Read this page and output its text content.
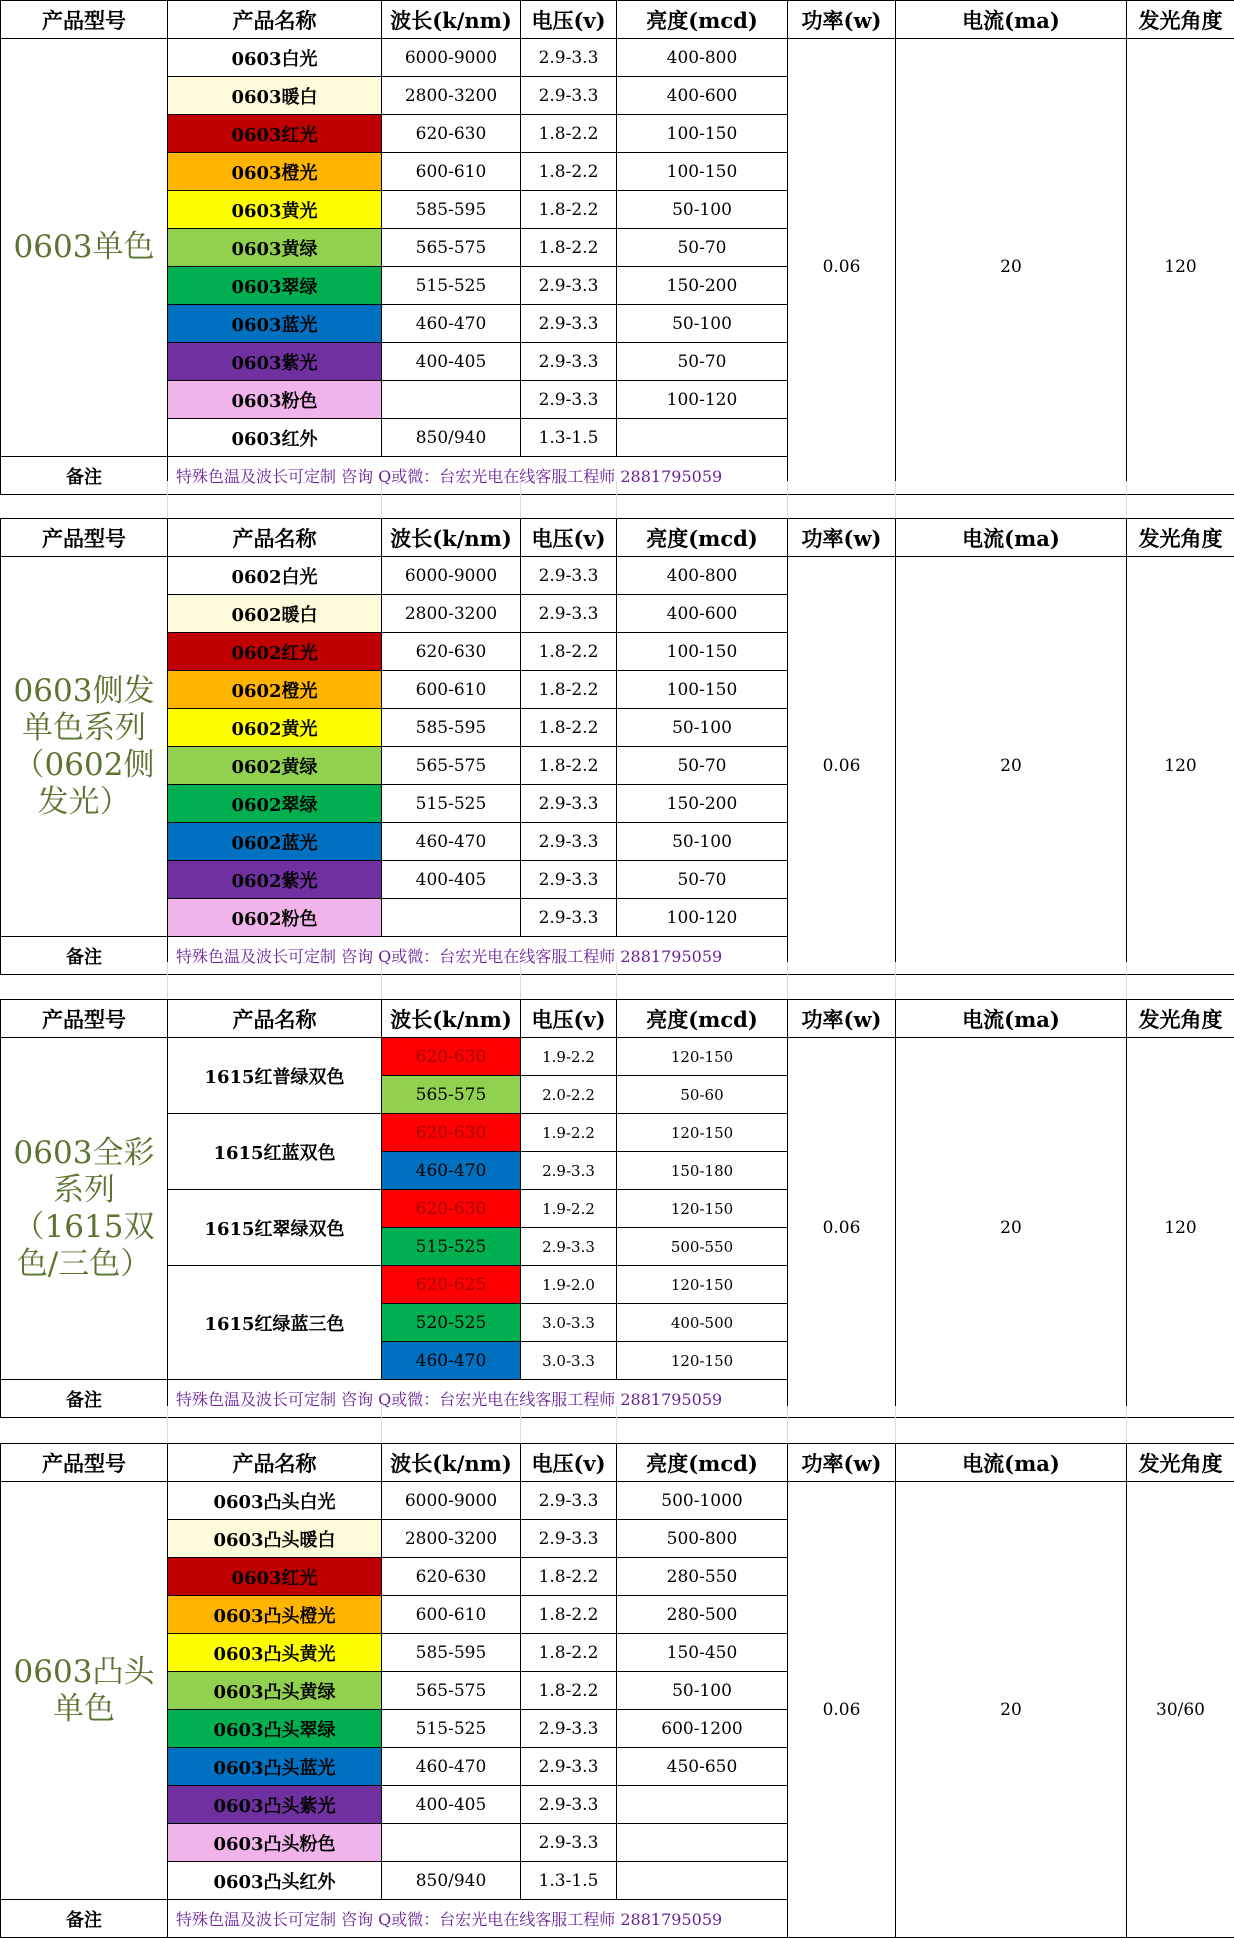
产品型号	产品名称	波长(k/nm)	电压(v)	亮度(mcd)	功率(w)	电流(ma)	发光角度
0603单色	0603白光	6000-9000	2.9-3.3	400-800	0.06	20	120
	0603暖白	2800-3200	2.9-3.3	400-600			
	0603红光	620-630	1.8-2.2	100-150			
	0603橙光	600-610	1.8-2.2	100-150			
	0603黄光	585-595	1.8-2.2	50-100			
	0603黄绿	565-575	1.8-2.2	50-70			
	0603翠绿	515-525	2.9-3.3	150-200			
	0603蓝光	460-470	2.9-3.3	50-100			
	0603紫光	400-405	2.9-3.3	50-70			
	0603粉色		2.9-3.3	100-120			
	0603红外	850/940	1.3-1.5				
备注	特殊色温及波长可定制 咨询 Q或微：台宏光电在线客服工程师 2881795059						
产品型号	产品名称	波长(k/nm)	电压(v)	亮度(mcd)	功率(w)	电流(ma)	发光角度
0603侧发单色系列（0602侧发光）	0602白光	6000-9000	2.9-3.3	400-800	0.06	20	120
	0602暖白	2800-3200	2.9-3.3	400-600			
	0602红光	620-630	1.8-2.2	100-150			
	0602橙光	600-610	1.8-2.2	100-150			
	0602黄光	585-595	1.8-2.2	50-100			
	0602黄绿	565-575	1.8-2.2	50-70			
	0602翠绿	515-525	2.9-3.3	150-200			
	0602蓝光	460-470	2.9-3.3	50-100			
	0602紫光	400-405	2.9-3.3	50-70			
	0602粉色		2.9-3.3	100-120			
备注	特殊色温及波长可定制 咨询 Q或微：台宏光电在线客服工程师 2881795059						
产品型号	产品名称	波长(k/nm)	电压(v)	亮度(mcd)	功率(w)	电流(ma)	发光角度
0603全彩系列（1615双色/三色）	1615红普绿双色	620-630	1.9-2.2	120-150	0.06	20	120
		565-575	2.0-2.2	50-60			
	1615红蓝双色	620-630	1.9-2.2	120-150			
		460-470	2.9-3.3	150-180			
	1615红翠绿双色	620-630	1.9-2.2	120-150			
		515-525	2.9-3.3	500-550			
	1615红绿蓝三色	620-625	1.9-2.0	120-150			
		520-525	3.0-3.3	400-500			
		460-470	3.0-3.3	120-150			
备注	特殊色温及波长可定制 咨询 Q或微：台宏光电在线客服工程师 2881795059						
产品型号	产品名称	波长(k/nm)	电压(v)	亮度(mcd)	功率(w)	电流(ma)	发光角度
0603凸头单色	0603凸头白光	6000-9000	2.9-3.3	500-1000	0.06	20	30/60
	0603凸头暖白	2800-3200	2.9-3.3	500-800			
	0603红光	620-630	1.8-2.2	280-550			
	0603凸头橙光	600-610	1.8-2.2	280-500			
	0603凸头黄光	585-595	1.8-2.2	150-450			
	0603凸头黄绿	565-575	1.8-2.2	50-100			
	0603凸头翠绿	515-525	2.9-3.3	600-1200			
	0603凸头蓝光	460-470	2.9-3.3	450-650			
	0603凸头紫光	400-405	2.9-3.3				
	0603凸头粉色		2.9-3.3				
	0603凸头红外	850/940	1.3-1.5				
备注	特殊色温及波长可定制 咨询 Q或微：台宏光电在线客服工程师 2881795059						
